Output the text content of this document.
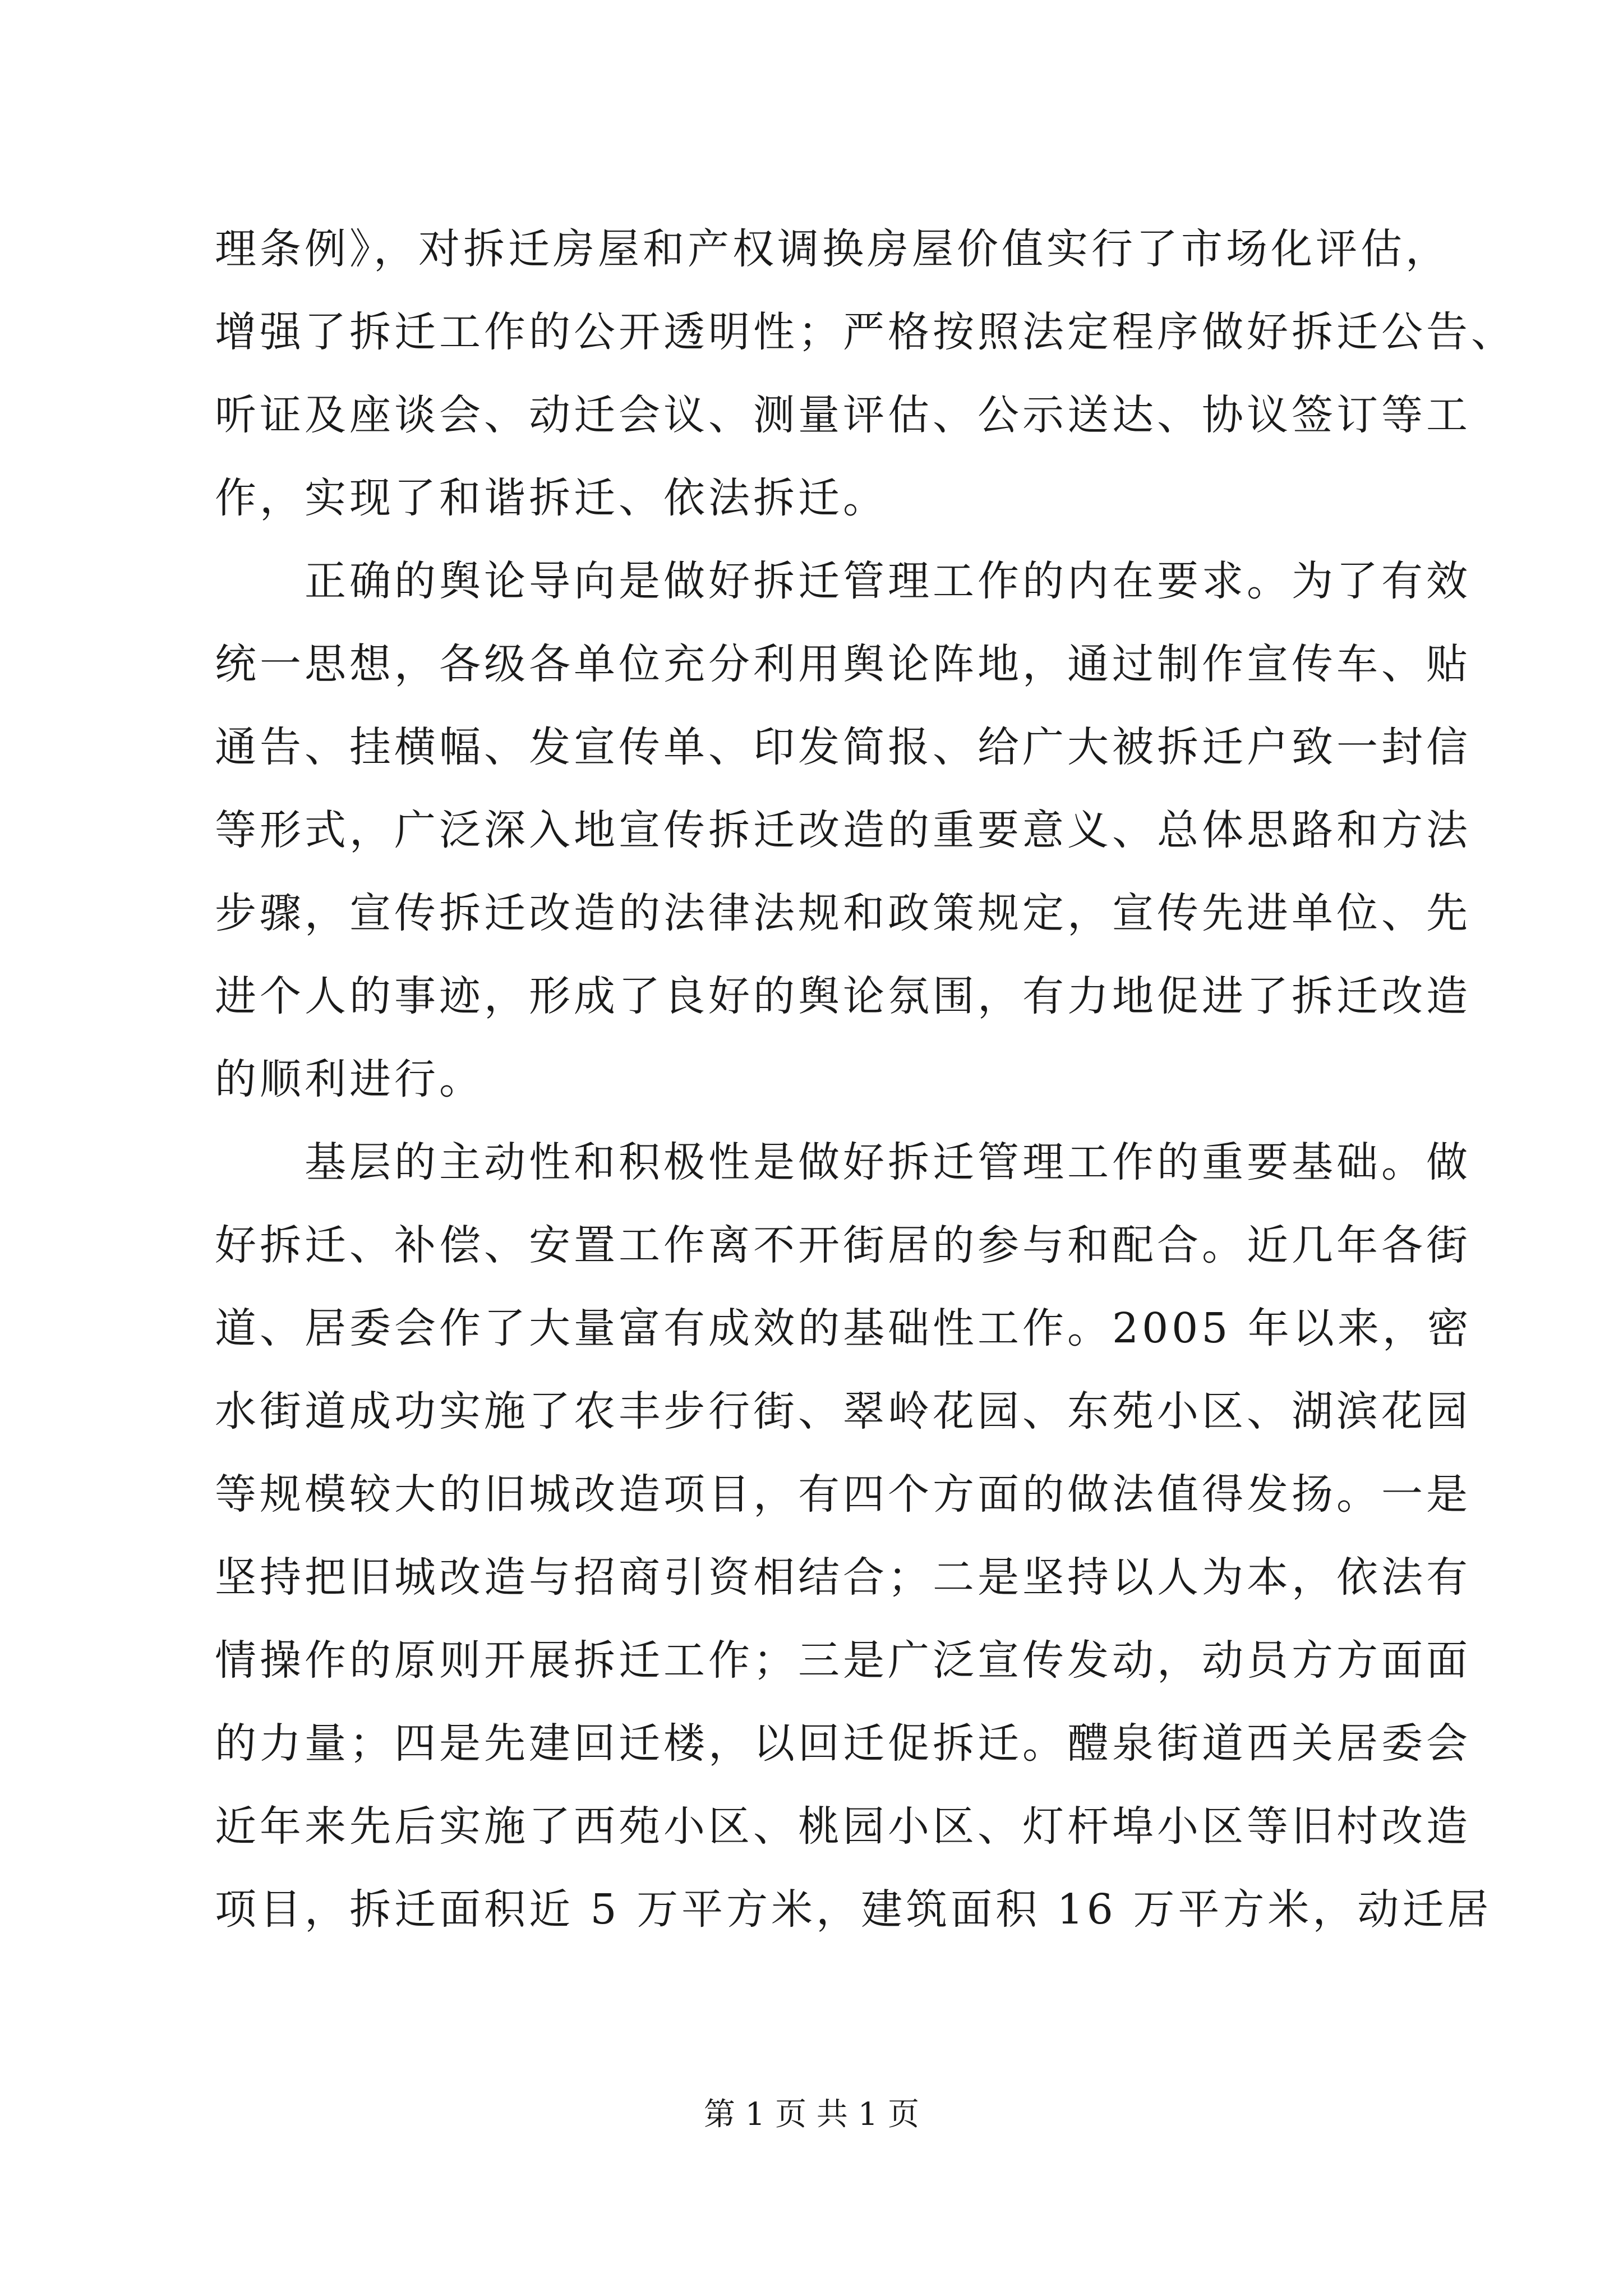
理条例》，对拆迁房屋和产权调换房屋价值实行了市场化评估，
增强了拆迁工作的公开透明性；严格按照法定程序做好拆迁公告、
听证及座谈会、动迁会议、测量评估、公示送达、协议签订等工
作，实现了和谐拆迁、依法拆迁。
正确的舆论导向是做好拆迁管理工作的内在要求。为了有效
统一思想，各级各单位充分利用舆论阵地，通过制作宣传车、贴
通告、挂横幅、发宣传单、印发简报、给广大被拆迁户致一封信
等形式，广泛深入地宣传拆迁改造的重要意义、总体思路和方法
步骤，宣传拆迁改造的法律法规和政策规定，宣传先进单位、先
进个人的事迹，形成了良好的舆论氛围，有力地促进了拆迁改造
的顺利进行。
基层的主动性和积极性是做好拆迁管理工作的重要基础。做
好拆迁、补偿、安置工作离不开街居的参与和配合。近几年各街
道、居委会作了大量富有成效的基础性工作。2005 年以来，密
水街道成功实施了农丰步行街、翠岭花园、东苑小区、湖滨花园
等规模较大的旧城改造项目，有四个方面的做法值得发扬。一是
坚持把旧城改造与招商引资相结合；二是坚持以人为本，依法有
情操作的原则开展拆迁工作；三是广泛宣传发动，动员方方面面
的力量；四是先建回迁楼，以回迁促拆迁。醴泉街道西关居委会
近年来先后实施了西苑小区、桃园小区、灯杆埠小区等旧村改造
项目，拆迁面积近 5 万平方米，建筑面积 16 万平方米，动迁居
第 1 页 共 1 页
